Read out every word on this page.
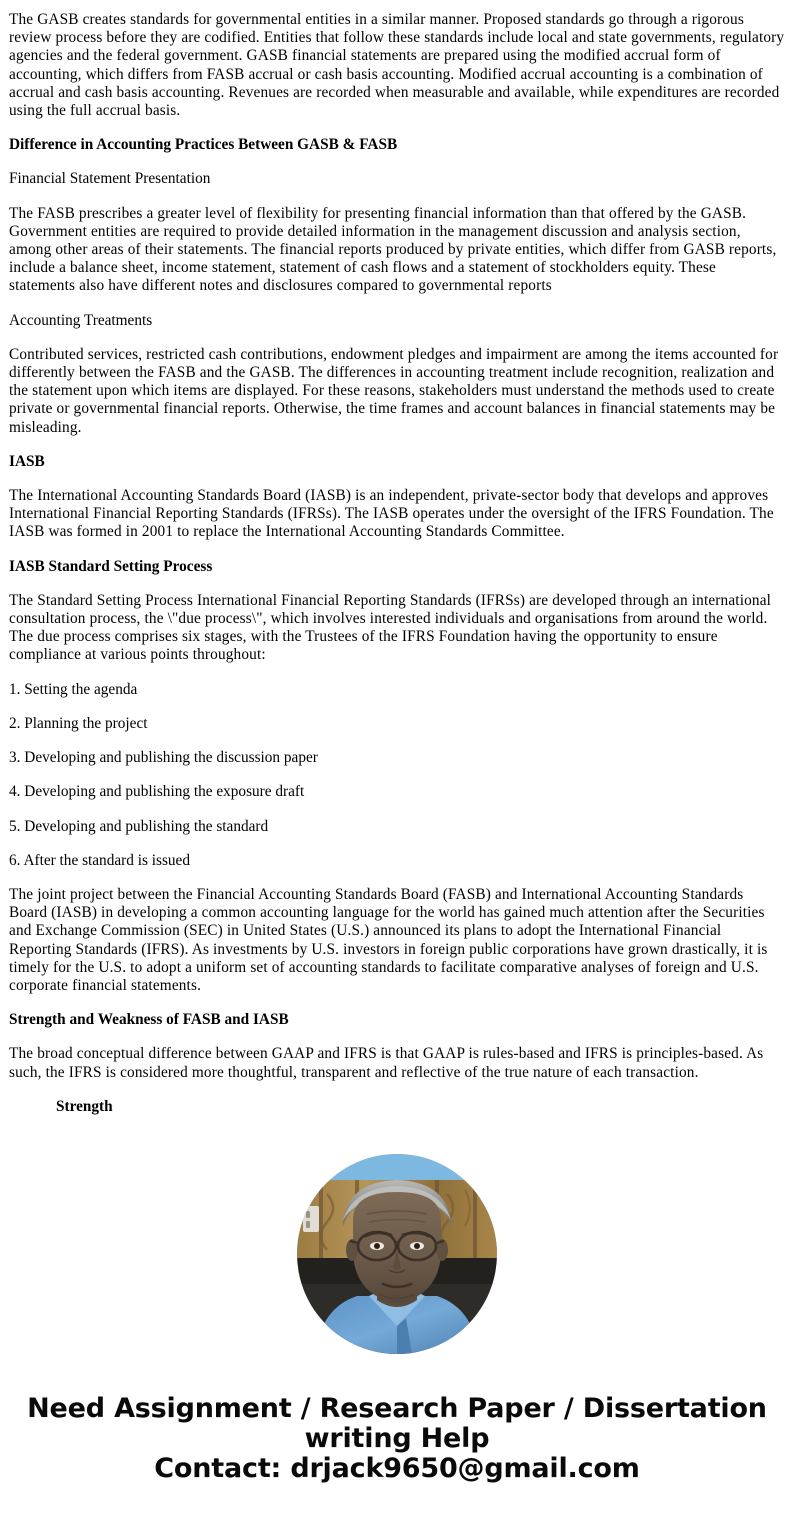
The GASB creates standards for governmental entities in a similar manner. Proposed standards go through a rigorous review process before they are codified. Entities that follow these standards include local and state governments, regulatory agencies and the federal government. GASB financial statements are prepared using the modified accrual form of accounting, which differs from FASB accrual or cash basis accounting. Modified accrual accounting is a combination of accrual and cash basis accounting. Revenues are recorded when measurable and available, while expenditures are recorded using the full accrual basis.

Difference in Accounting Practices Between GASB & FASB

Financial Statement Presentation

The FASB prescribes a greater level of flexibility for presenting financial information than that offered by the GASB. Government entities are required to provide detailed information in the management discussion and analysis section, among other areas of their statements. The financial reports produced by private entities, which differ from GASB reports, include a balance sheet, income statement, statement of cash flows and a statement of stockholders equity. These statements also have different notes and disclosures compared to governmental reports

Accounting Treatments

Contributed services, restricted cash contributions, endowment pledges and impairment are among the items accounted for differently between the FASB and the GASB. The differences in accounting treatment include recognition, realization and the statement upon which items are displayed. For these reasons, stakeholders must understand the methods used to create private or governmental financial reports. Otherwise, the time frames and account balances in financial statements may be misleading.

IASB

The International Accounting Standards Board (IASB) is an independent, private-sector body that develops and approves International Financial Reporting Standards (IFRSs). The IASB operates under the oversight of the IFRS Foundation. The IASB was formed in 2001 to replace the International Accounting Standards Committee.

IASB Standard Setting Process

The Standard Setting Process International Financial Reporting Standards (IFRSs) are developed through an international consultation process, the \"due process\", which involves interested individuals and organisations from around the world. The due process comprises six stages, with the Trustees of the IFRS Foundation having the opportunity to ensure compliance at various points throughout:

1. Setting the agenda

2. Planning the project

3. Developing and publishing the discussion paper

4. Developing and publishing the exposure draft

5. Developing and publishing the standard

6. After the standard is issued

The joint project between the Financial Accounting Standards Board (FASB) and International Accounting Standards Board (IASB) in developing a common accounting language for the world has gained much attention after the Securities and Exchange Commission (SEC) in United States (U.S.) announced its plans to adopt the International Financial Reporting Standards (IFRS). As investments by U.S. investors in foreign public corporations have grown drastically, it is timely for the U.S. to adopt a uniform set of accounting standards to facilitate comparative analyses of foreign and U.S. corporate financial statements.

Strength and Weakness of FASB and IASB

The broad conceptual difference between GAAP and IFRS is that GAAP is rules-based and IFRS is principles-based. As such, the IFRS is considered more thoughtful, transparent and reflective of the true nature of each transaction.

Strength

Need Assignment / Research Paper / Dissertation
writing Help
Contact: drjack9650@gmail.com
